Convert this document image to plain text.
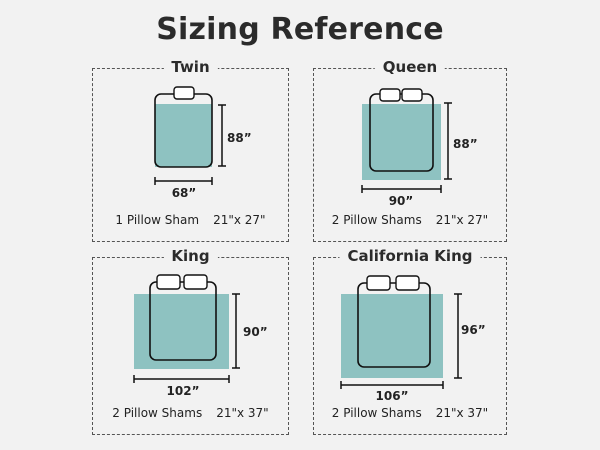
Sizing Reference
Twin
88”
68”
1 Pillow Sham 21"x 27"
Queen
88”
90”
2 Pillow Shams 21"x 27"
King
90”
102”
2 Pillow Shams 21"x 37"
California King
96”
106”
2 Pillow Shams 21"x 37"
